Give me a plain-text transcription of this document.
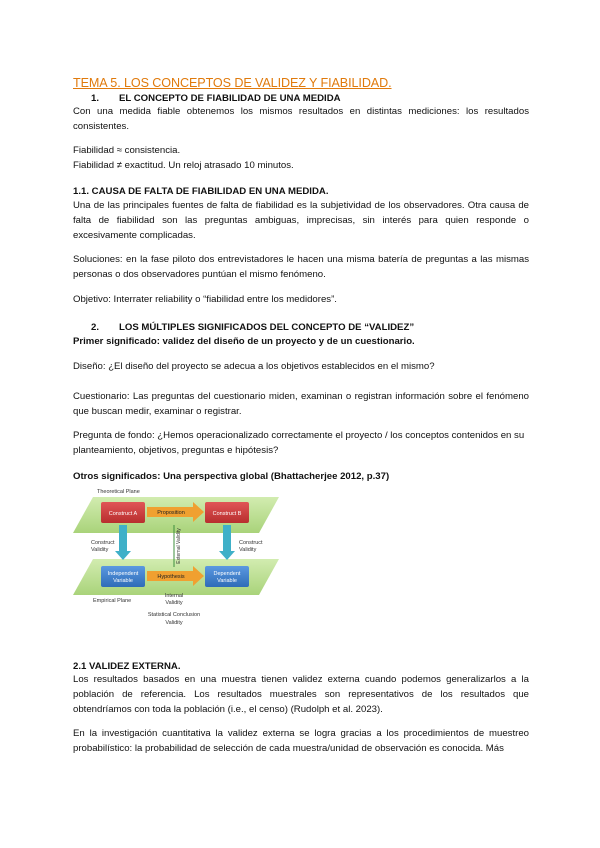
TEMA 5. LOS CONCEPTOS DE VALIDEZ Y FIABILIDAD.
1. EL CONCEPTO DE FIABILIDAD DE UNA MEDIDA
Con una medida fiable obtenemos los mismos resultados en distintas mediciones: los resultados consistentes.
Fiabilidad ≈ consistencia.
Fiabilidad ≠ exactitud. Un reloj atrasado 10 minutos.
1.1. CAUSA DE FALTA DE FIABILIDAD EN UNA MEDIDA.
Una de las principales fuentes de falta de fiabilidad es la subjetividad de los observadores. Otra causa de falta de fiabilidad son las preguntas ambiguas, imprecisas, sin interés para quien responde o excesivamente complicadas.
Soluciones: en la fase piloto dos entrevistadores le hacen una misma batería de preguntas a las mismas personas o dos observadores puntúan el mismo fenómeno.
Objetivo: Interrater reliability o “fiabilidad entre los medidores”.
2. LOS MÚLTIPLES SIGNIFICADOS DEL CONCEPTO DE “VALIDEZ”
Primer significado: validez del diseño de un proyecto y de un cuestionario.
Diseño: ¿El diseño del proyecto se adecua a los objetivos establecidos en el mismo?
Cuestionario: Las preguntas del cuestionario miden, examinan o registran información sobre el fenómeno que buscan medir, examinar o registrar.
Pregunta de fondo: ¿Hemos operacionalizado correctamente el proyecto / los conceptos contenidos en su planteamiento, objetivos, preguntas e hipótesis?
Otros significados: Una perspectiva global (Bhattacherjee 2012, p.37)
Theoretical Plane
Empirical Plane
Construct A	Construct B
Proposition
Independent
Variable
Dependent
Variable
Hypothesis
Construct
Validity
Construct
Validity
External Validity
Internal
Validity
Statistical Conclusion
Validity
2.1 VALIDEZ EXTERNA.
Los resultados basados en una muestra tienen validez externa cuando podemos generalizarlos a la población de referencia. Los resultados muestrales son representativos de los resultados que obtendríamos con toda la población (i.e., el censo) (Rudolph et al. 2023).
En la investigación cuantitativa la validez externa se logra gracias a los procedimientos de muestreo probabilístico: la probabilidad de selección de cada muestra/unidad de observación es conocida. Más
